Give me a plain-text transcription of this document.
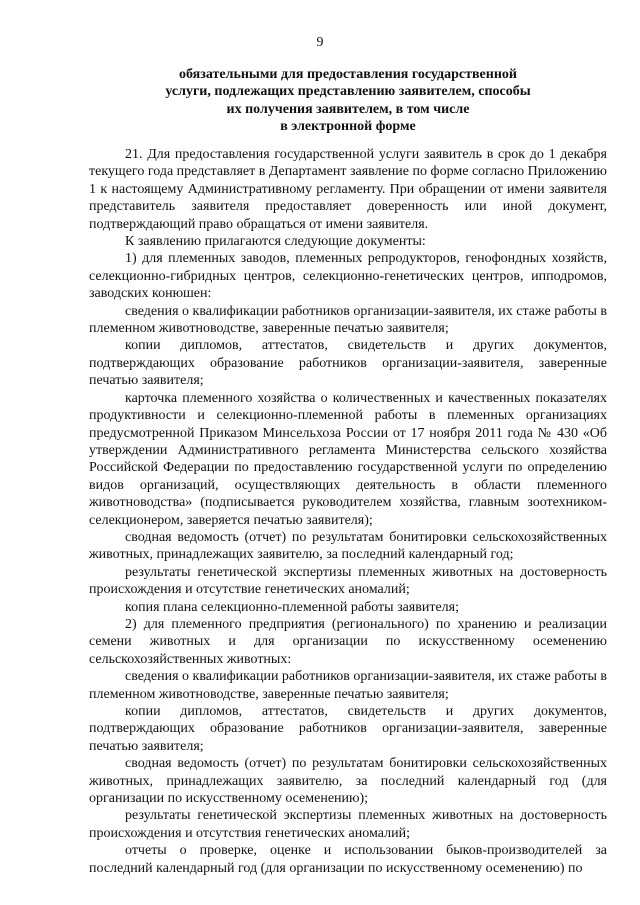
9
обязательными для предоставления государственной
услуги, подлежащих представлению заявителем, способы
их получения заявителем, в том числе
в электронной форме

21. Для предоставления государственной услуги заявитель в срок до 1 декабря текущего года представляет в Департамент заявление по форме согласно Приложению 1 к настоящему Административному регламенту. При обращении от имени заявителя представитель заявителя предоставляет доверенность или иной документ, подтверждающий право обращаться от имени заявителя.

К заявлению прилагаются следующие документы:

1) для племенных заводов, племенных репродукторов, генофондных хозяйств, селекционно-гибридных центров, селекционно-генетических центров, ипподромов, заводских конюшен:

сведения о квалификации работников организации-заявителя, их стаже работы в племенном животноводстве, заверенные печатью заявителя;

копии дипломов, аттестатов, свидетельств и других документов, подтверждающих образование работников организации-заявителя, заверенные печатью заявителя;

карточка племенного хозяйства о количественных и качественных показателях продуктивности и селекционно-племенной работы в племенных организациях предусмотренной Приказом Минсельхоза России от 17 ноября 2011 года № 430 «Об утверждении Административного регламента Министерства сельского хозяйства Российской Федерации по предоставлению государственной услуги по определению видов организаций, осуществляющих деятельность в области племенного животноводства» (подписывается руководителем хозяйства, главным зоотехником-селекционером, заверяется печатью заявителя);

сводная ведомость (отчет) по результатам бонитировки сельскохозяйственных животных, принадлежащих заявителю, за последний календарный год;

результаты генетической экспертизы племенных животных на достоверность происхождения и отсутствие генетических аномалий;

копия плана селекционно-племенной работы заявителя;

2) для племенного предприятия (регионального) по хранению и реализации семени животных и для организации по искусственному осеменению сельскохозяйственных животных:

сведения о квалификации работников организации-заявителя, их стаже работы в племенном животноводстве, заверенные печатью заявителя;

копии дипломов, аттестатов, свидетельств и других документов, подтверждающих образование работников организации-заявителя, заверенные печатью заявителя;

сводная ведомость (отчет) по результатам бонитировки сельскохозяйственных животных, принадлежащих заявителю, за последний календарный год (для организации по искусственному осеменению);

результаты генетической экспертизы племенных животных на достоверность происхождения и отсутствия генетических аномалий;

отчеты о проверке, оценке и использовании быков-производителей за последний календарный год (для организации по искусственному осеменению) по
